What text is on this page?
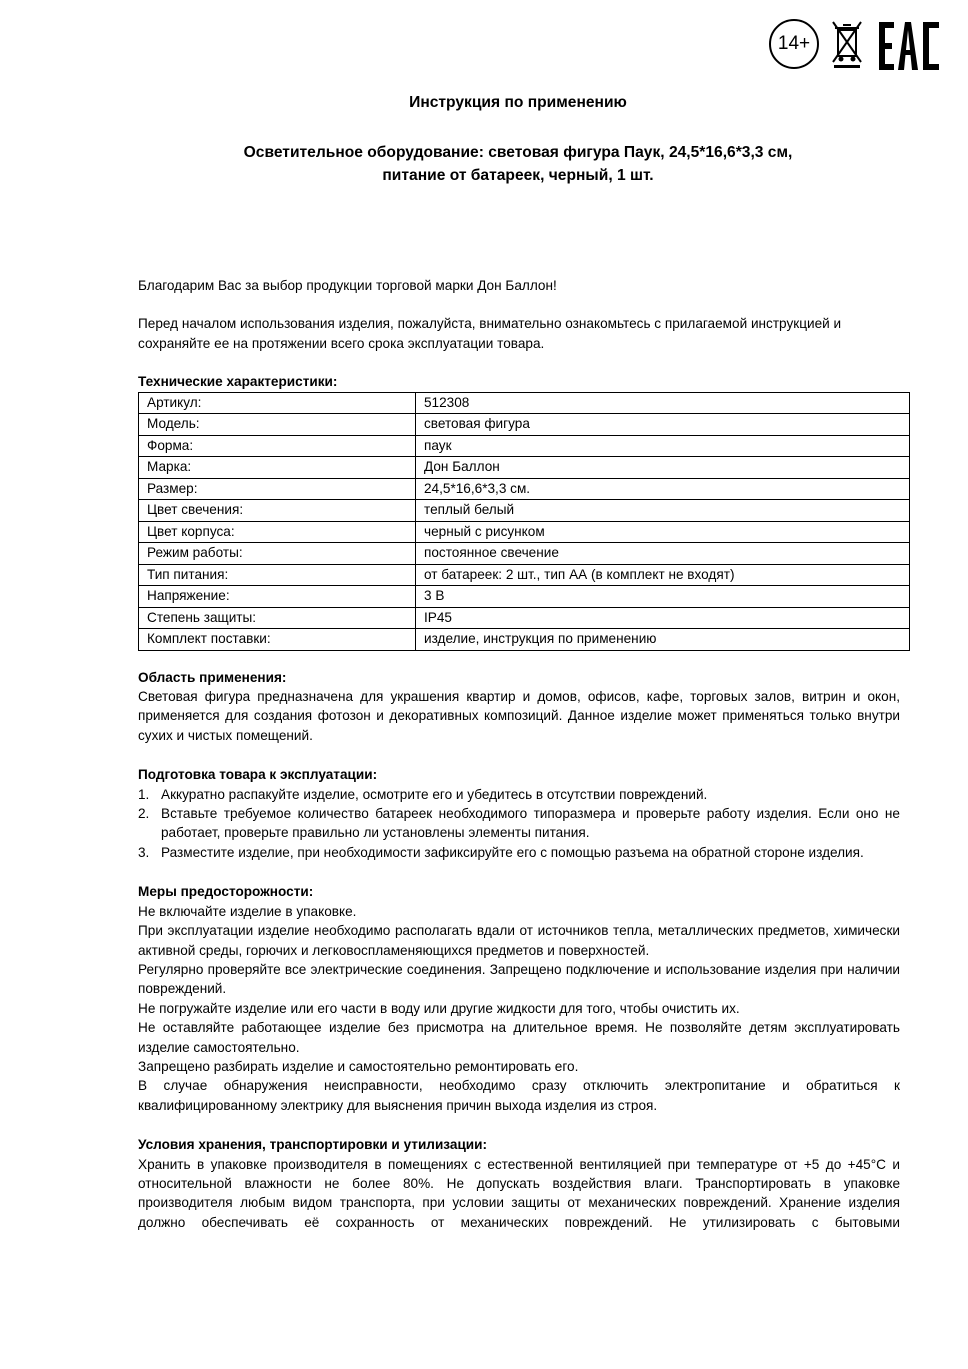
14+
Инструкция по применению
Осветительное оборудование: световая фигура Паук, 24,5*16,6*3,3 см,
питание от батареек, черный, 1 шт.

Благодарим Вас за выбор продукции торговой марки Дон Баллон!

Перед началом использования изделия, пожалуйста, внимательно ознакомьтесь с прилагаемой инструкцией и

сохраняйте ее на протяжении всего срока эксплуатации товара.

Технические характеристики:

Артикул:	512308
Модель:	световая фигура
Форма:	паук
Марка:	Дон Баллон
Размер:	24,5*16,6*3,3 см.
Цвет свечения:	теплый белый
Цвет корпуса:	черный с рисунком
Режим работы:	постоянное свечение
Тип питания:	от батареек: 2 шт., тип АА (в комплект не входят)
Напряжение:	3 В
Степень защиты:	IP45
Комплект поставки:	изделие, инструкция по применению

Область применения:

Световая фигура предназначена для украшения квартир и домов, офисов, кафе, торговых залов, витрин и окон, применяется для создания фотозон и декоративных композиций. Данное изделие может применяться только внутри сухих и чистых помещений.

Подготовка товара к эксплуатации:

1. Аккуратно распакуйте изделие, осмотрите его и убедитесь в отсутствии повреждений.
2. Вставьте требуемое количество батареек необходимого типоразмера и проверьте работу изделия. Если оно не работает, проверьте правильно ли установлены элементы питания.
3. Разместите изделие, при необходимости зафиксируйте его с помощью разъема на обратной стороне изделия.

Меры предосторожности:

Не включайте изделие в упаковке.

При эксплуатации изделие необходимо располагать вдали от источников тепла, металлических предметов, химически активной среды, горючих и легковоспламеняющихся предметов и поверхностей.

Регулярно проверяйте все электрические соединения. Запрещено подключение и использование изделия при наличии повреждений.

Не погружайте изделие или его части в воду или другие жидкости для того, чтобы очистить их.

Не оставляйте работающее изделие без присмотра на длительное время. Не позволяйте детям эксплуатировать изделие самостоятельно.

Запрещено разбирать изделие и самостоятельно ремонтировать его.

В случае обнаружения неисправности, необходимо сразу отключить электропитание и обратиться к квалифицированному электрику для выяснения причин выхода изделия из строя.

Условия хранения, транспортировки и утилизации:

Хранить в упаковке производителя в помещениях с естественной вентиляцией при температуре от +5 до +45°С и относительной влажности не более 80%. Не допускать воздействия влаги. Транспортировать в упаковке производителя любым видом транспорта, при условии защиты от механических повреждений. Хранение изделия должно обеспечивать её сохранность от механических повреждений. Не утилизировать с бытовыми
